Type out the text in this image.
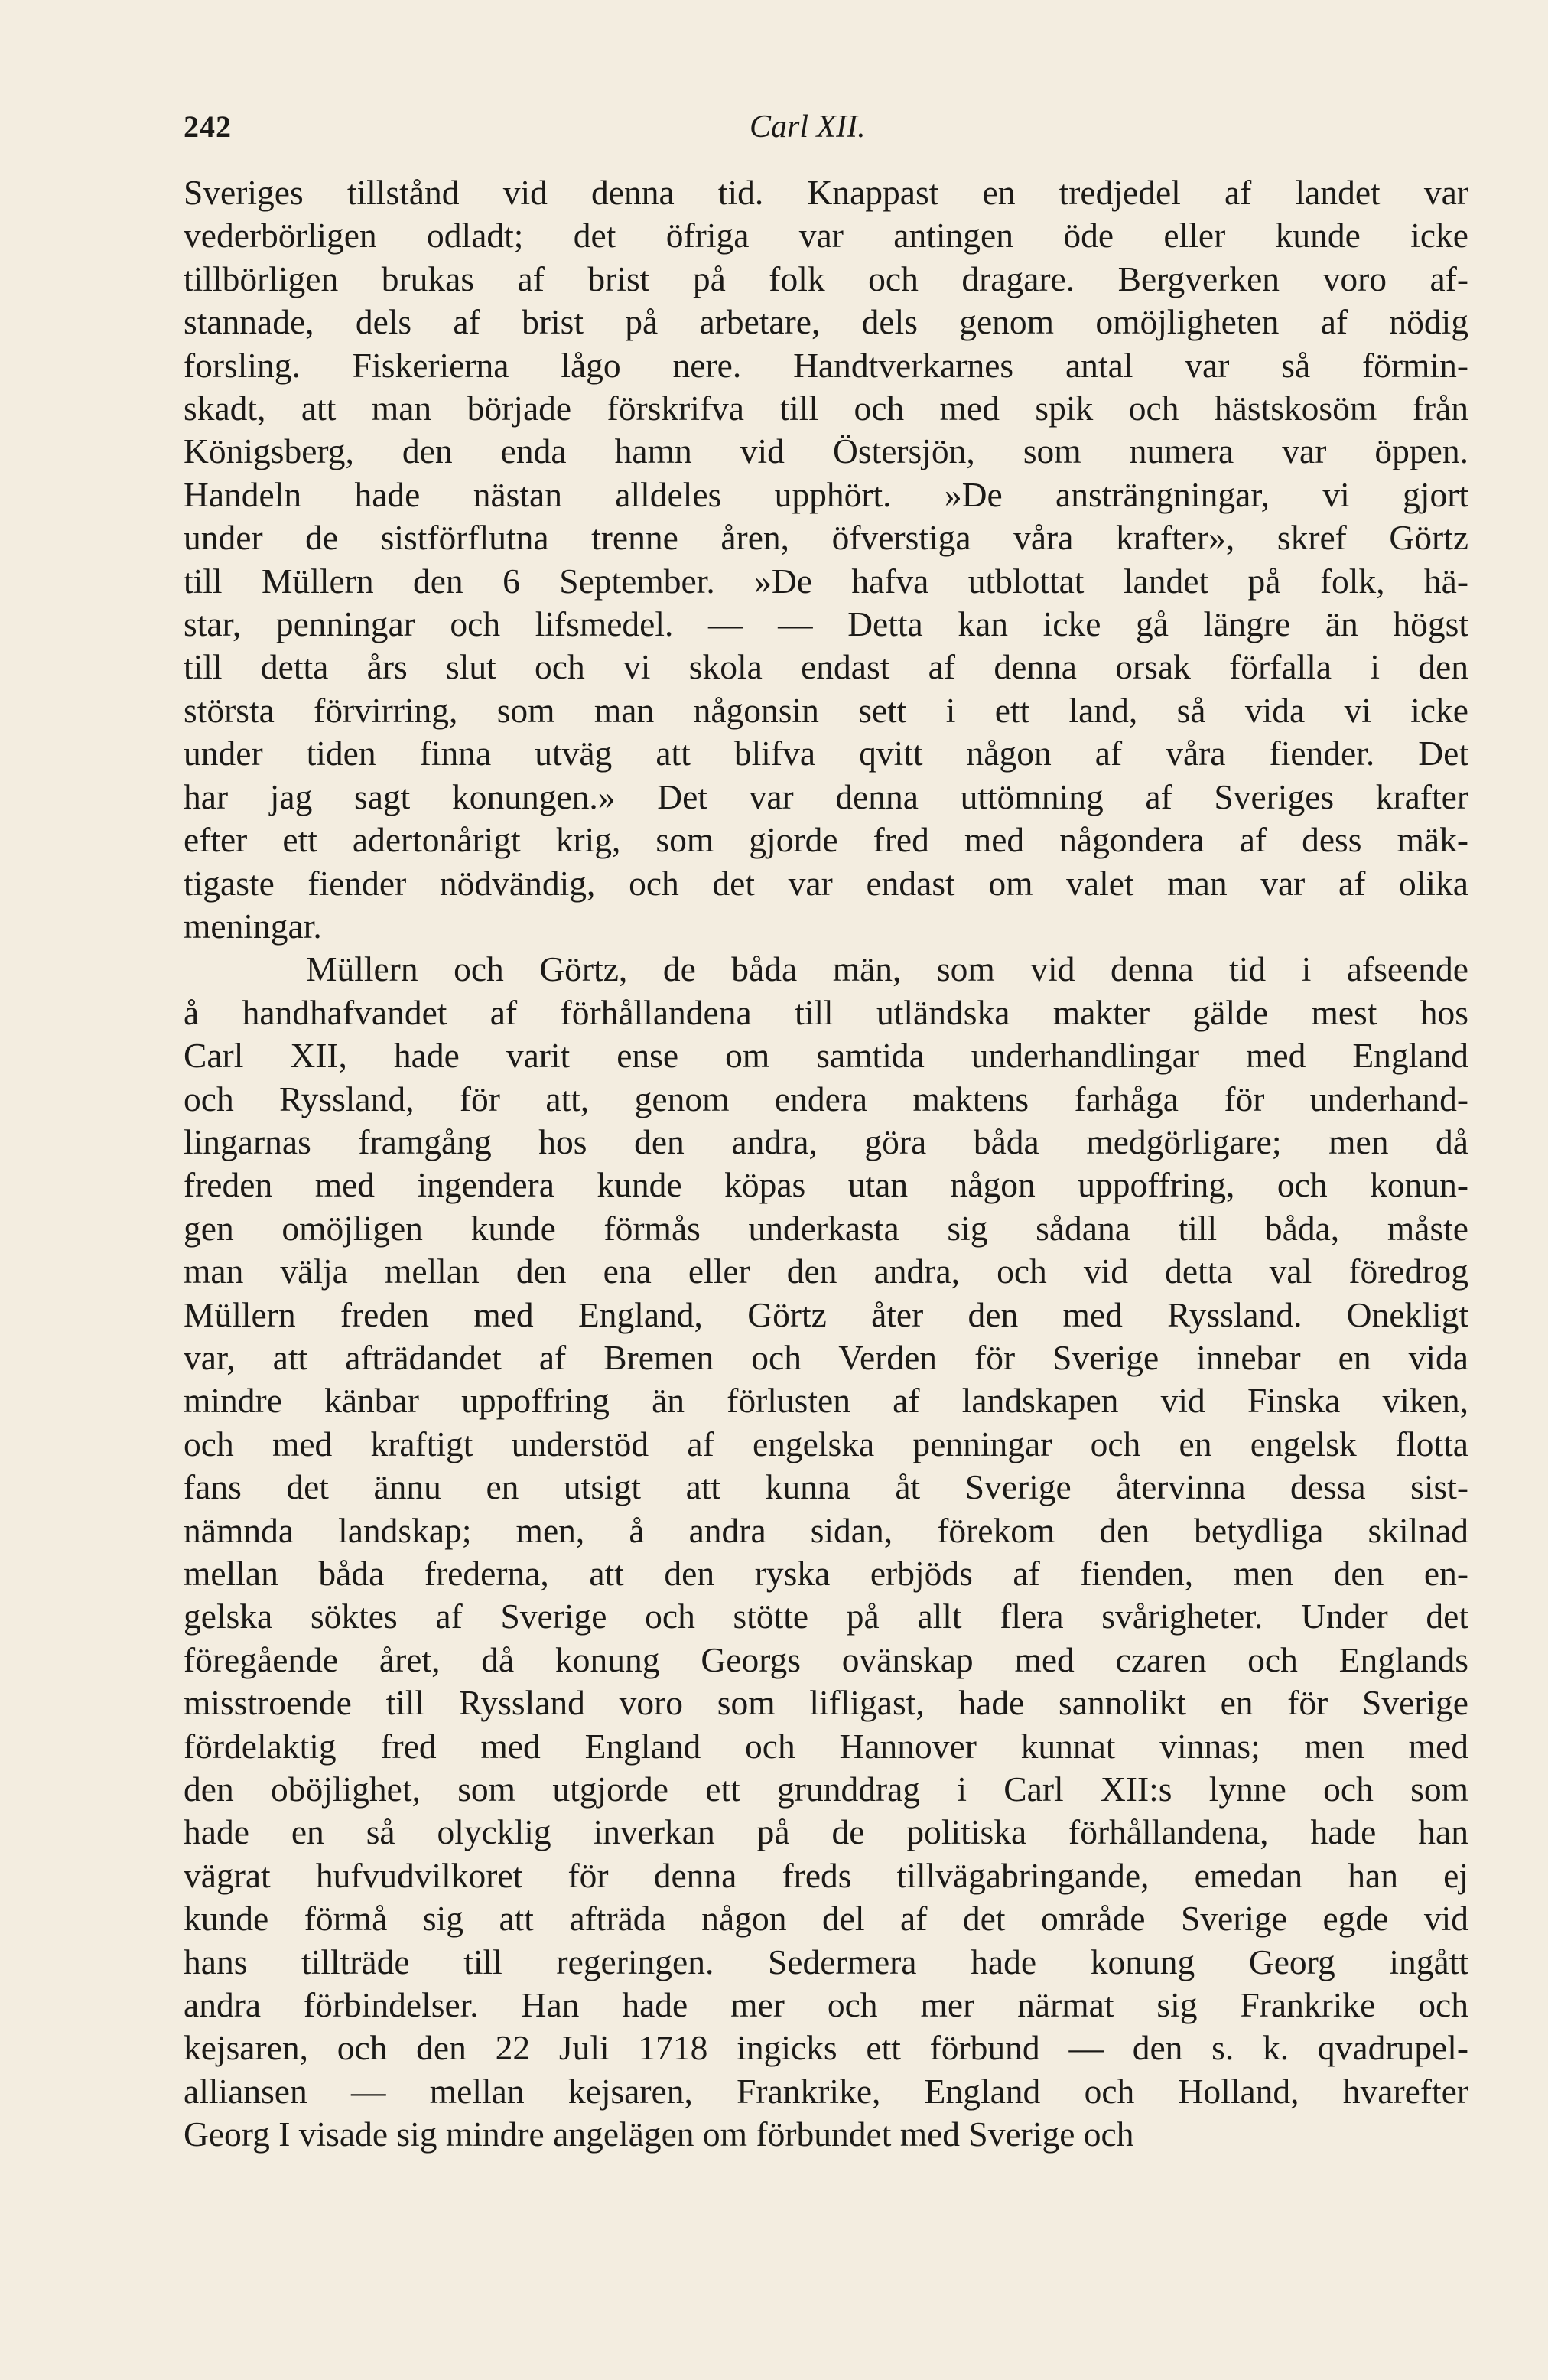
242	Carl XII.
Sveriges tillstånd vid denna tid. Knappast en tredjedel af landet var
vederbörligen odladt; det öfriga var antingen öde eller kunde icke
tillbörligen brukas af brist på folk och dragare. Bergverken voro af-
stannade, dels af brist på arbetare, dels genom omöjligheten af nödig
forsling. Fiskerierna lågo nere. Handtverkarnes antal var så förmin-
skadt, att man började förskrifva till och med spik och hästskosöm från
Königsberg, den enda hamn vid Östersjön, som numera var öppen.
Handeln hade nästan alldeles upphört. »De ansträngningar, vi gjort
under de sistförflutna trenne åren, öfverstiga våra krafter», skref Görtz
till Müllern den 6 September. »De hafva utblottat landet på folk, hä-
star, penningar och lifsmedel. — — Detta kan icke gå längre än högst
till detta års slut och vi skola endast af denna orsak förfalla i den
största förvirring, som man någonsin sett i ett land, så vida vi icke
under tiden finna utväg att blifva qvitt någon af våra fiender. Det
har jag sagt konungen.» Det var denna uttömning af Sveriges krafter
efter ett adertonårigt krig, som gjorde fred med någondera af dess mäk-
tigaste fiender nödvändig, och det var endast om valet man var af olika
meningar.
Müllern och Görtz, de båda män, som vid denna tid i afseende
å handhafvandet af förhållandena till utländska makter gälde mest hos
Carl XII, hade varit ense om samtida underhandlingar med England
och Ryssland, för att, genom endera maktens farhåga för underhand-
lingarnas framgång hos den andra, göra båda medgörligare; men då
freden med ingendera kunde köpas utan någon uppoffring, och konun-
gen omöjligen kunde förmås underkasta sig sådana till båda, måste
man välja mellan den ena eller den andra, och vid detta val föredrog
Müllern freden med England, Görtz åter den med Ryssland. Onekligt
var, att afträdandet af Bremen och Verden för Sverige innebar en vida
mindre känbar uppoffring än förlusten af landskapen vid Finska viken,
och med kraftigt understöd af engelska penningar och en engelsk flotta
fans det ännu en utsigt att kunna åt Sverige återvinna dessa sist-
nämnda landskap; men, å andra sidan, förekom den betydliga skilnad
mellan båda frederna, att den ryska erbjöds af fienden, men den en-
gelska söktes af Sverige och stötte på allt flera svårigheter. Under det
föregående året, då konung Georgs ovänskap med czaren och Englands
misstroende till Ryssland voro som lifligast, hade sannolikt en för Sverige
fördelaktig fred med England och Hannover kunnat vinnas; men med
den oböjlighet, som utgjorde ett grunddrag i Carl XII:s lynne och som
hade en så olycklig inverkan på de politiska förhållandena, hade han
vägrat hufvudvilkoret för denna freds tillvägabringande, emedan han ej
kunde förmå sig att afträda någon del af det område Sverige egde vid
hans tillträde till regeringen. Sedermera hade konung Georg ingått
andra förbindelser. Han hade mer och mer närmat sig Frankrike och
kejsaren, och den 22 Juli 1718 ingicks ett förbund — den s. k. qvadrupel-
alliansen — mellan kejsaren, Frankrike, England och Holland, hvarefter
Georg I visade sig mindre angelägen om förbundet med Sverige och
